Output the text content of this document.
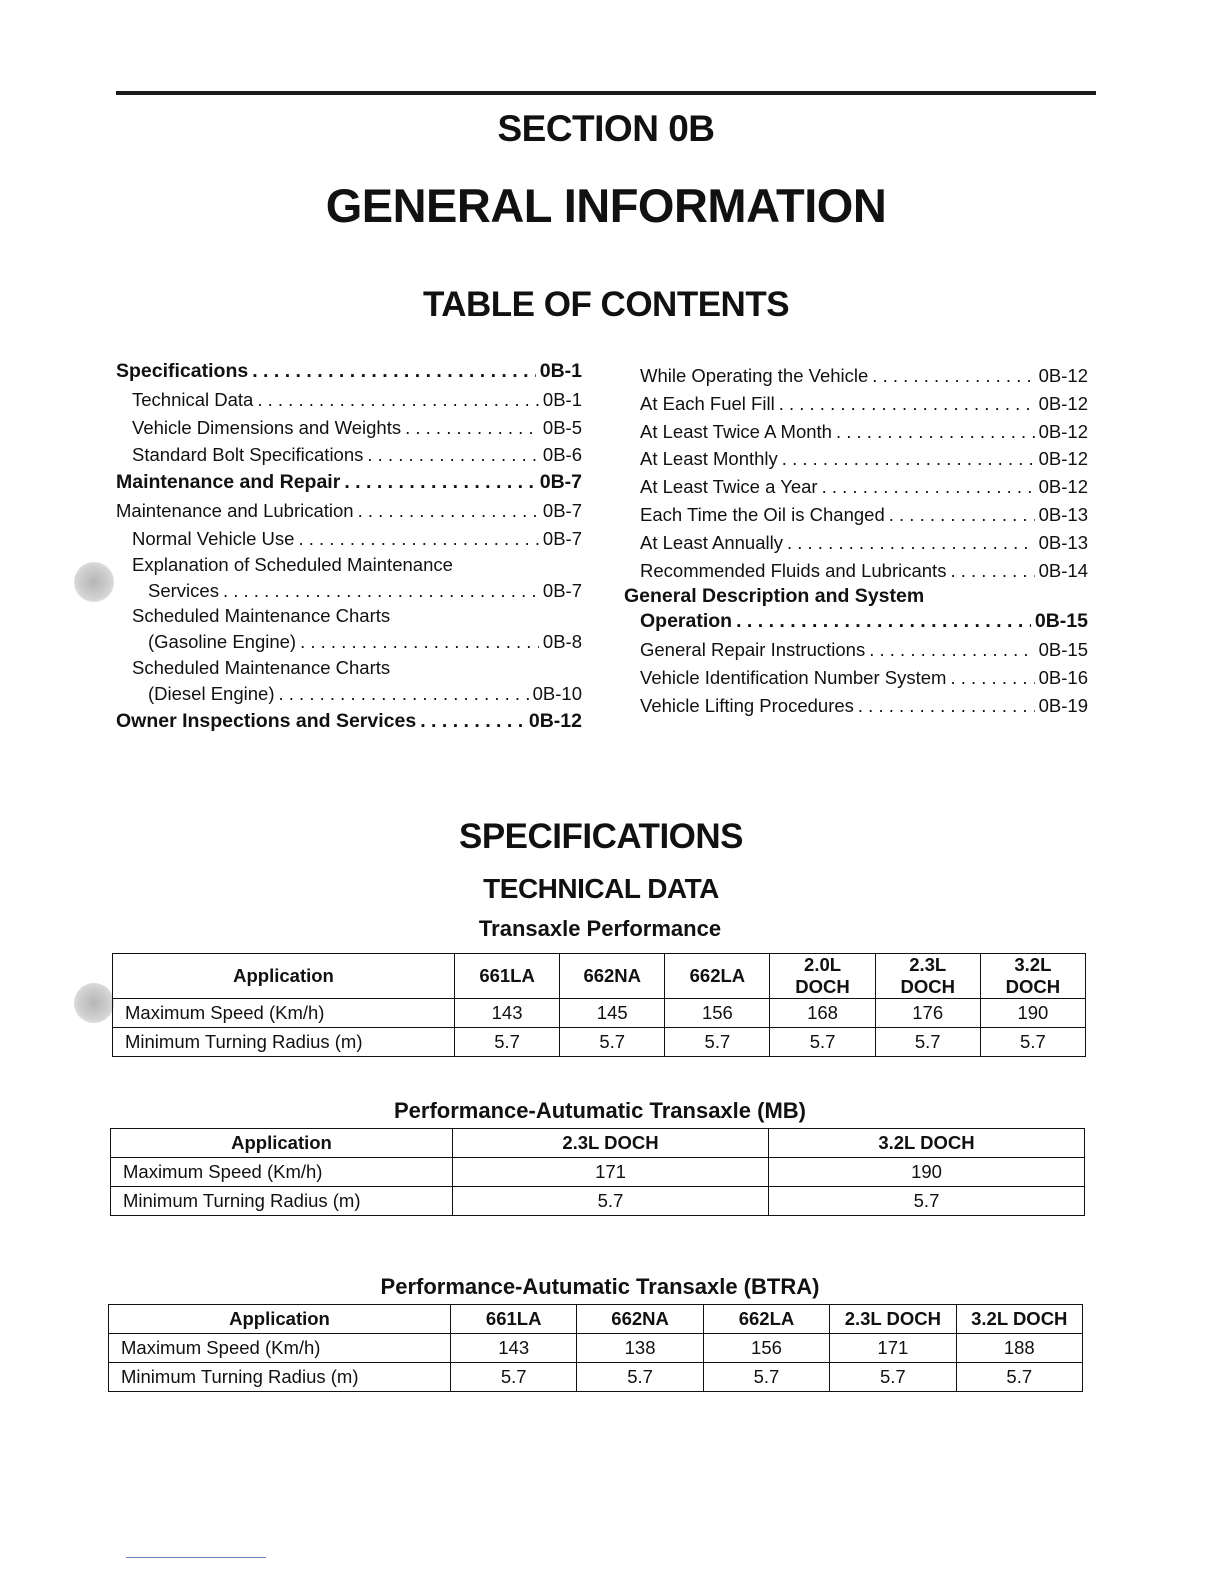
SECTION 0B
GENERAL INFORMATION
TABLE OF CONTENTS
Specifications . . .	0B-1
Technical Data . . .	0B-1
Vehicle Dimensions and Weights . . .	0B-5
Standard Bolt Specifications . . .	0B-6
Maintenance and Repair . . .	0B-7
Maintenance and Lubrication . . .	0B-7
Normal Vehicle Use . . .	0B-7
Explanation of Scheduled Maintenance
Services . . .	0B-7
Scheduled Maintenance Charts
(Gasoline Engine) . . .	0B-8
Scheduled Maintenance Charts
(Diesel Engine) . . .	0B-10
Owner Inspections and Services . . .	0B-12
While Operating the Vehicle . . .	0B-12
At Each Fuel Fill . . .	0B-12
At Least Twice A Month . . .	0B-12
At Least Monthly . . .	0B-12
At Least Twice a Year . . .	0B-12
Each Time the Oil is Changed . . .	0B-13
At Least Annually . . .	0B-13
Recommended Fluids and Lubricants . . .	0B-14
General Description and System
Operation . . .	0B-15
General Repair Instructions . . .	0B-15
Vehicle Identification Number System . . .	0B-16
Vehicle Lifting Procedures . . .	0B-19
SPECIFICATIONS
TECHNICAL DATA
Transaxle Performance
Application	661LA	662NA	662LA	2.0L DOCH	2.3L DOCH	3.2L DOCH
Maximum Speed (Km/h)	143	145	156	168	176	190
Minimum Turning Radius (m)	5.7	5.7	5.7	5.7	5.7	5.7
Performance-Autumatic Transaxle (MB)
Application	2.3L DOCH	3.2L DOCH
Maximum Speed (Km/h)	171	190
Minimum Turning Radius (m)	5.7	5.7
Performance-Autumatic Transaxle (BTRA)
Application	661LA	662NA	662LA	2.3L DOCH	3.2L DOCH
Maximum Speed (Km/h)	143	138	156	171	188
Minimum Turning Radius (m)	5.7	5.7	5.7	5.7	5.7
